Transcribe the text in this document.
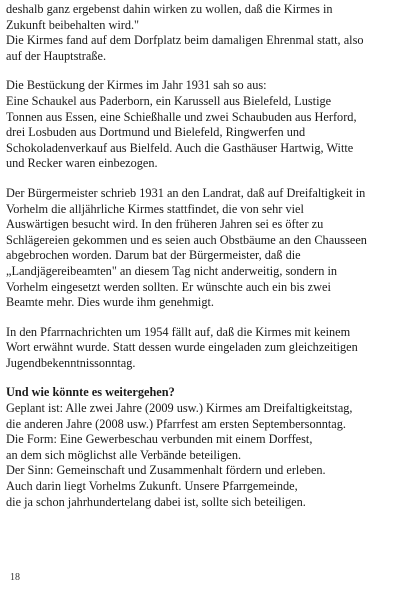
deshalb ganz ergebenst dahin wirken zu wollen, daß die Kirmes in
Zukunft beibehalten wird."
Die Kirmes fand auf dem Dorfplatz beim damaligen Ehrenmal statt, also
auf der Hauptstraße.
Die Bestückung der Kirmes im Jahr 1931 sah so aus:
Eine Schaukel aus Paderborn, ein Karussell aus Bielefeld, Lustige
Tonnen aus Essen, eine Schießhalle und zwei Schaubuden aus Herford,
drei Losbuden aus Dortmund und Bielefeld, Ringwerfen und
Schokoladenverkauf aus Bielfeld. Auch die Gasthäuser Hartwig, Witte
und Recker waren einbezogen.
Der Bürgermeister schrieb 1931 an den Landrat, daß auf Dreifaltigkeit in
Vorhelm die alljährliche Kirmes stattfindet, die von sehr viel
Auswärtigen besucht wird. In den früheren Jahren sei es öfter zu
Schlägereien gekommen und es seien auch Obstbäume an den Chausseen
abgebrochen worden. Darum bat der Bürgermeister, daß die
„Landjägereibeamten" an diesem Tag nicht anderweitig, sondern in
Vorhelm eingesetzt werden sollten. Er wünschte auch ein bis zwei
Beamte mehr. Dies wurde ihm genehmigt.
In den Pfarrnachrichten um 1954 fällt auf, daß die Kirmes mit keinem
Wort erwähnt wurde. Statt dessen wurde eingeladen zum gleichzeitigen
Jugendbekenntnissonntag.
Und wie könnte es weitergehen?
Geplant ist: Alle zwei Jahre (2009 usw.) Kirmes am Dreifaltigkeitstag,
die anderen Jahre (2008 usw.) Pfarrfest am ersten Septembersonntag.
Die Form: Eine Gewerbeschau verbunden mit einem Dorffest,
an dem sich möglichst alle Verbände beteiligen.
Der Sinn: Gemeinschaft und Zusammenhalt fördern und erleben.
Auch darin liegt Vorhelms Zukunft. Unsere Pfarrgemeinde,
die ja schon jahrhundertelang dabei ist, sollte sich beteiligen.
18
